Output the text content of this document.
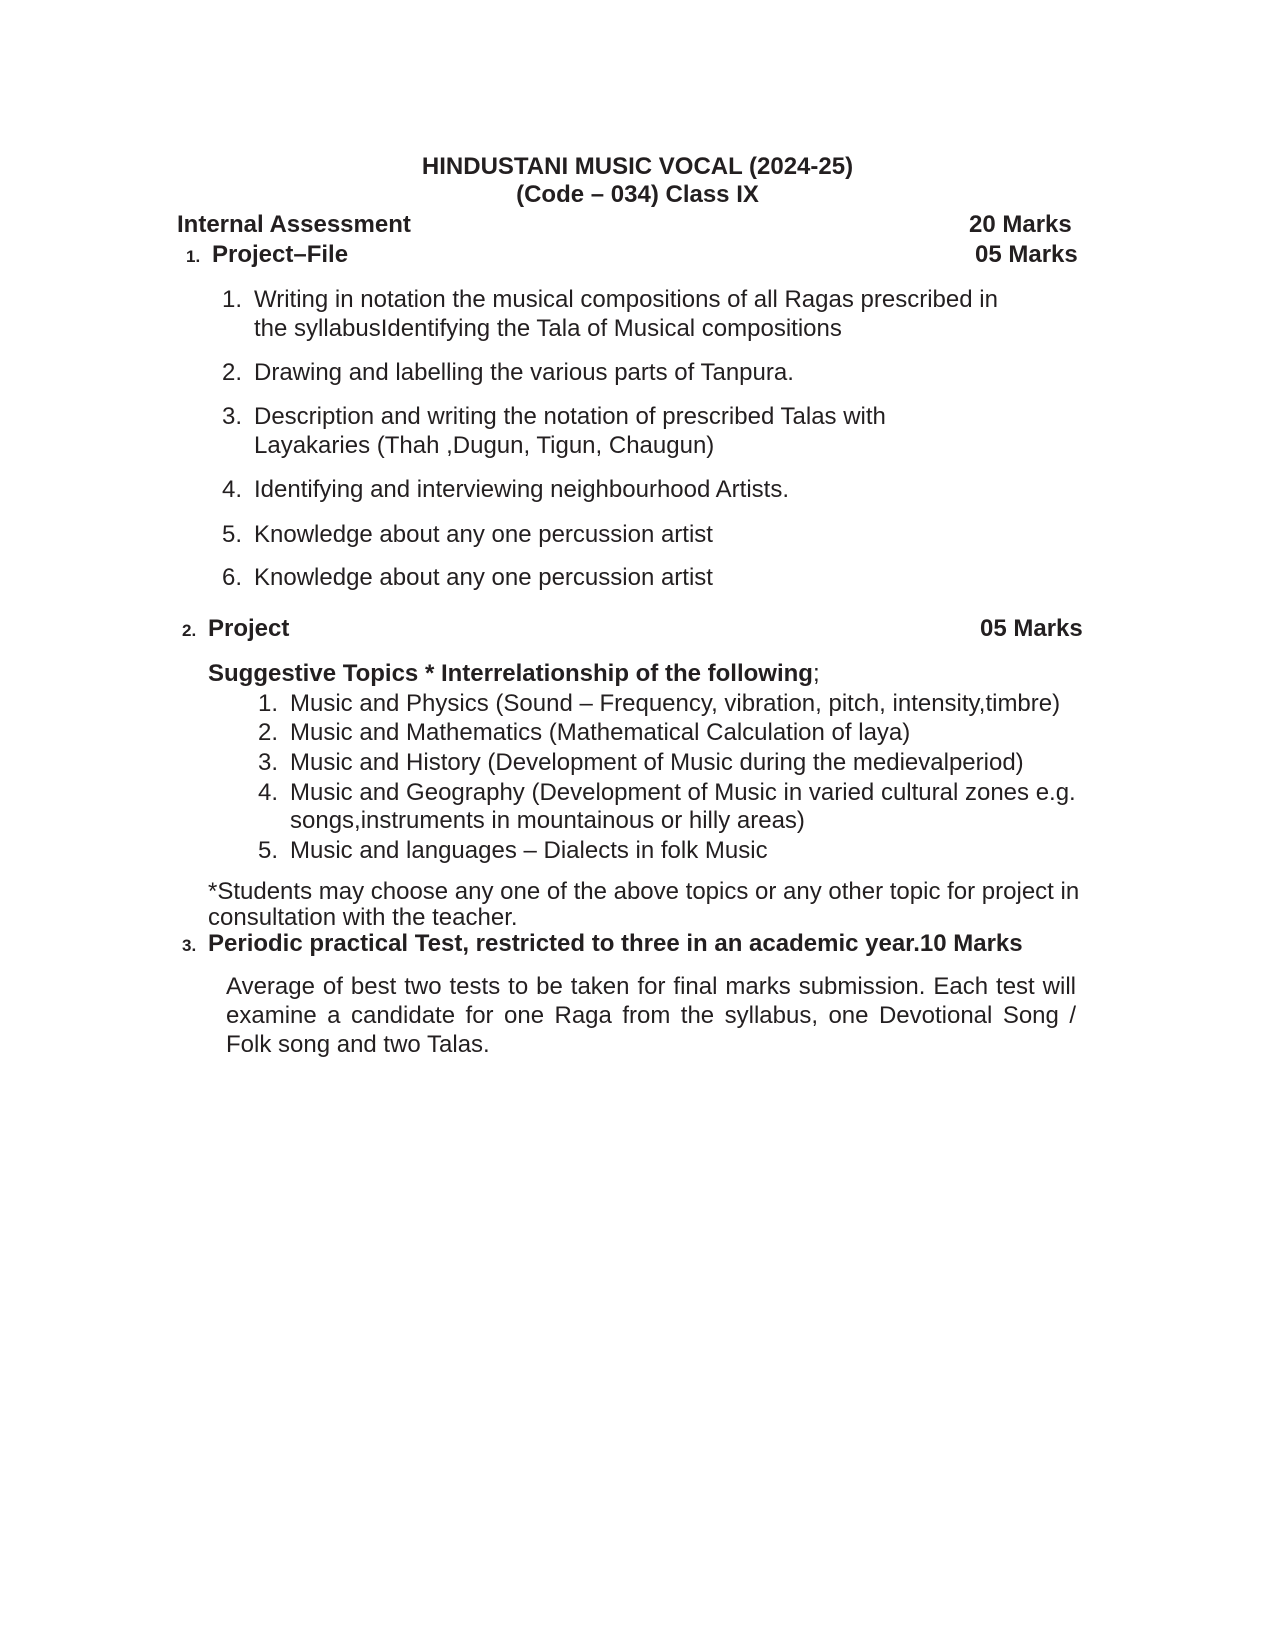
HINDUSTANI MUSIC VOCAL (2024-25)
(Code – 034) Class IX
Internal Assessment	20 Marks
1. Project–File	05 Marks
1. Writing in notation the musical compositions of all Ragas prescribed in
the syllabusIdentifying the Tala of Musical compositions
2. Drawing and labelling the various parts of Tanpura.
3. Description and writing the notation of prescribed Talas with
Layakaries (Thah ,Dugun, Tigun, Chaugun)
4. Identifying and interviewing neighbourhood Artists.
5. Knowledge about any one percussion artist
6. Knowledge about any one percussion artist
2. Project	05 Marks
Suggestive Topics * Interrelationship of the following;
1. Music and Physics (Sound – Frequency, vibration, pitch, intensity,timbre)
2. Music and Mathematics (Mathematical Calculation of laya)
3. Music and History (Development of Music during the medievalperiod)
4. Music and Geography (Development of Music in varied cultural zones e.g.
songs,instruments in mountainous or hilly areas)
5. Music and languages – Dialects in folk Music
*Students may choose any one of the above topics or any other topic for project in
consultation with the teacher.
3. Periodic practical Test, restricted to three in an academic year.10 Marks
Average of best two tests to be taken for final marks submission. Each test will examine a candidate for one Raga from the syllabus, one Devotional Song / Folk song and two Talas.
